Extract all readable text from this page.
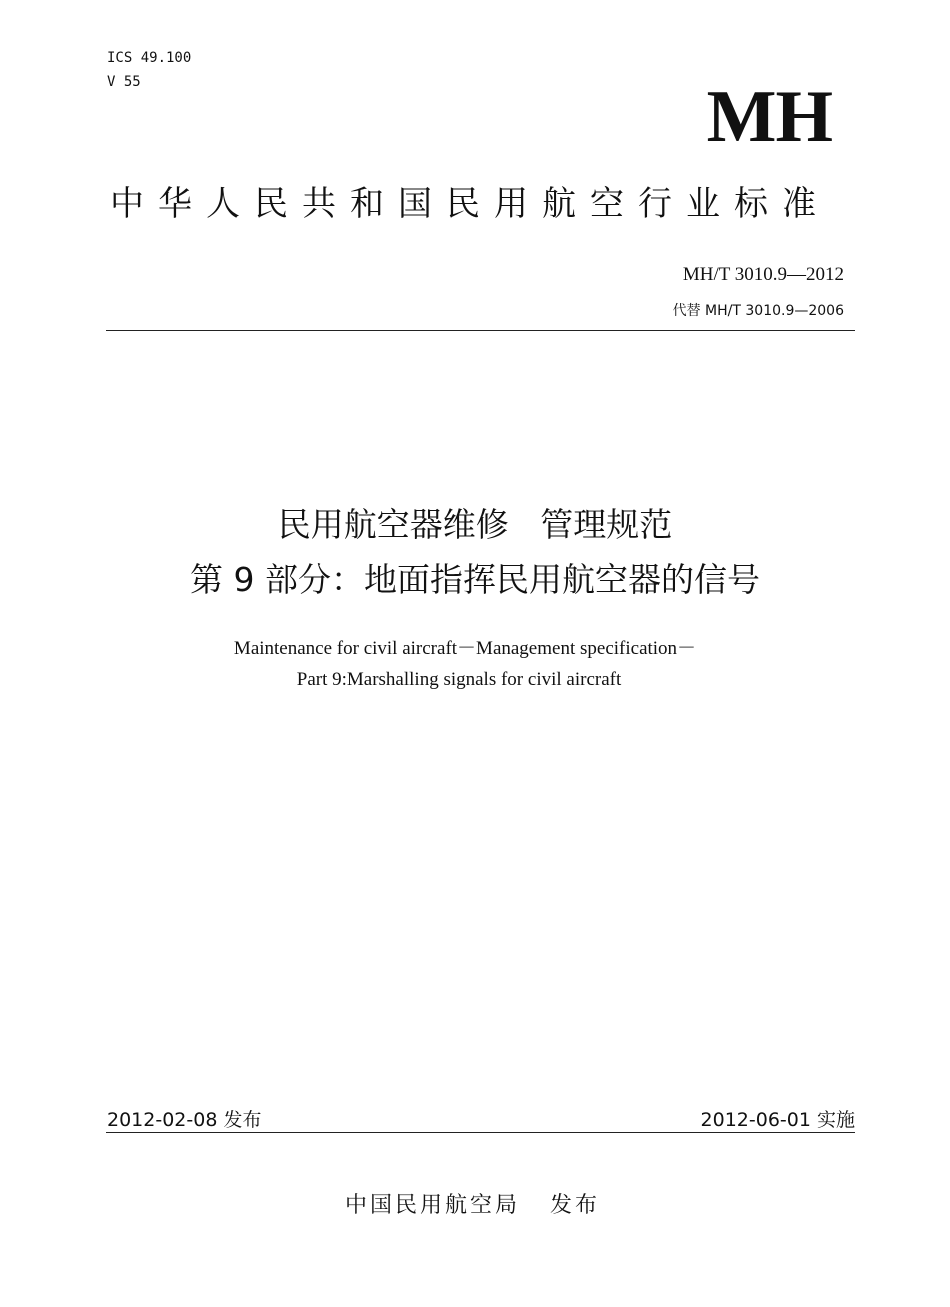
ICS 49.100
V 55	MH
中华人民共和国民用航空行业标准
MH/T 3010.9—2012
代替 MH/T 3010.9—2006
民用航空器维修   管理规范
第 9 部分：地面指挥民用航空器的信号
Maintenance for civil aircraft－Management specification－
Part 9:Marshalling signals for civil aircraft
2012-02-08 发布	2012-06-01 实施
中国民用航空局   发布
